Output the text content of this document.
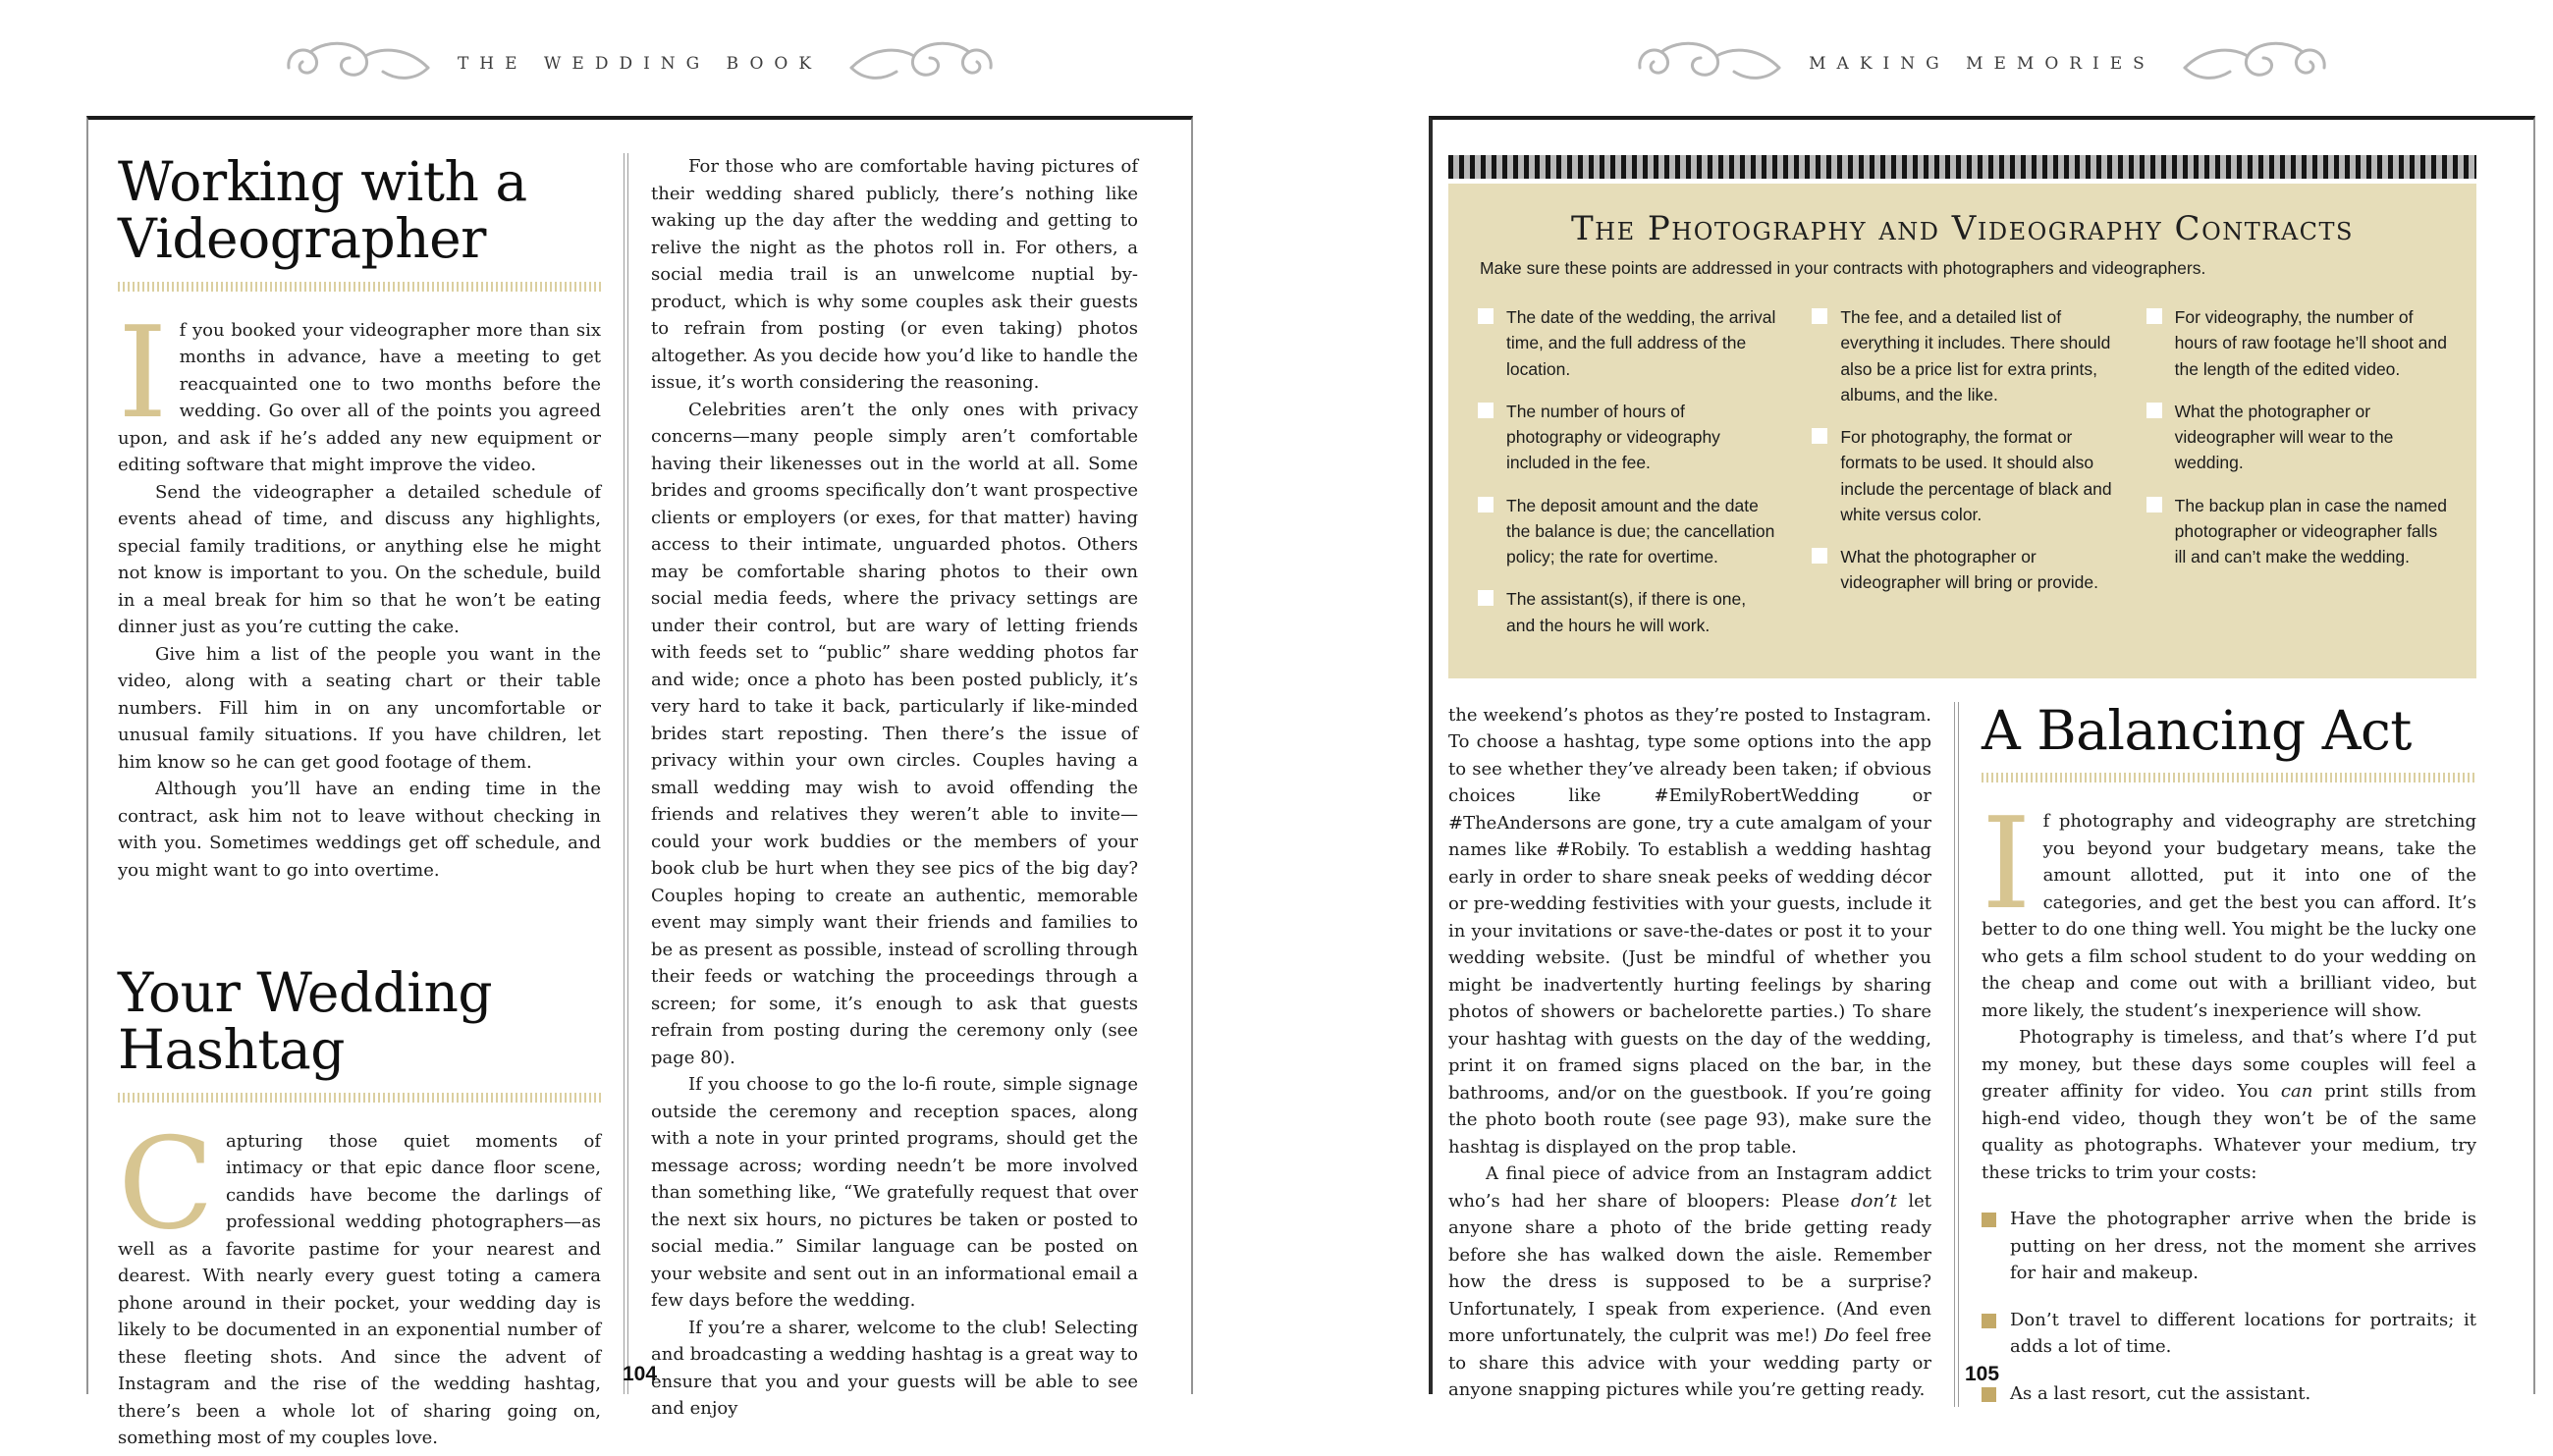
THE WEDDING BOOK
Working with a Videographer

If you booked your videographer more than six months in advance, have a meeting to get reacquainted one to two months before the wedding. Go over all of the points you agreed upon, and ask if he’s added any new equipment or editing software that might improve the video.

Send the videographer a detailed schedule of events ahead of time, and discuss any highlights, special family traditions, or anything else he might not know is important to you. On the schedule, build in a meal break for him so that he won’t be eating dinner just as you’re cutting the cake.

Give him a list of the people you want in the video, along with a seating chart or their table numbers. Fill him in on any uncomfortable or unusual family situations. If you have children, let him know so he can get good footage of them.

Although you’ll have an ending time in the contract, ask him not to leave without checking in with you. Sometimes weddings get off schedule, and you might want to go into overtime.

Your Wedding Hashtag

Capturing those quiet moments of intimacy or that epic dance floor scene, candids have become the darlings of professional wedding photographers—as well as a favorite pastime for your nearest and dearest. With nearly every guest toting a camera phone around in their pocket, your wedding day is likely to be documented in an exponential number of these fleeting shots. And since the advent of Instagram and the rise of the wedding hashtag, there’s been a whole lot of sharing going on, something most of my couples love.

For those who are comfortable having pictures of their wedding shared publicly, there’s nothing like waking up the day after the wedding and getting to relive the night as the photos roll in. For others, a social media trail is an unwelcome nuptial by-product, which is why some couples ask their guests to refrain from posting (or even taking) photos altogether. As you decide how you’d like to handle the issue, it’s worth considering the reasoning.

Celebrities aren’t the only ones with privacy concerns—many people simply aren’t comfortable having their likenesses out in the world at all. Some brides and grooms specifically don’t want prospective clients or employers (or exes, for that matter) having access to their intimate, unguarded photos. Others may be comfortable sharing photos to their own social media feeds, where the privacy settings are under their control, but are wary of letting friends with feeds set to “public” share wedding photos far and wide; once a photo has been posted publicly, it’s very hard to take it back, particularly if like-minded brides start reposting. Then there’s the issue of privacy within your own circles. Couples having a small wedding may wish to avoid offending the friends and relatives they weren’t able to invite—could your work buddies or the members of your book club be hurt when they see pics of the big day? Couples hoping to create an authentic, memorable event may simply want their friends and families to be as present as possible, instead of scrolling through their feeds or watching the proceedings through a screen; for some, it’s enough to ask that guests refrain from posting during the ceremony only (see page 80).

If you choose to go the lo-fi route, simple signage outside the ceremony and reception spaces, along with a note in your printed programs, should get the message across; wording needn’t be more involved than something like, “We gratefully request that over the next six hours, no pictures be taken or posted to social media.” Similar language can be posted on your website and sent out in an informational email a few days before the wedding.

If you’re a sharer, welcome to the club! Selecting and broadcasting a wedding hashtag is a great way to ensure that you and your guests will be able to see and enjoy

104
MAKING MEMORIES
The Photography and Videography Contracts
Make sure these points are addressed in your contracts with photographers and videographers.
The date of the wedding, the arrival time, and the full address of the location.
The number of hours of photography or videography included in the fee.
The deposit amount and the date the balance is due; the cancellation policy; the rate for overtime.
The assistant(s), if there is one, and the hours he will work.
The fee, and a detailed list of everything it includes. There should also be a price list for extra prints, albums, and the like.
For photography, the format or formats to be used. It should also include the percentage of black and white versus color.
What the photographer or videographer will bring or provide.
For videography, the number of hours of raw footage he’ll shoot and the length of the edited video.
What the photographer or videographer will wear to the wedding.
The backup plan in case the named photographer or videographer falls ill and can’t make the wedding.

the weekend’s photos as they’re posted to Instagram. To choose a hashtag, type some options into the app to see whether they’ve already been taken; if obvious choices like #EmilyRobertWedding or #TheAndersons are gone, try a cute amalgam of your names like #Robily. To establish a wedding hashtag early in order to share sneak peeks of wedding décor or pre-wedding festivities with your guests, include it in your invitations or save-the-dates or post it to your wedding website. (Just be mindful of whether you might be inadvertently hurting feelings by sharing photos of showers or bachelorette parties.) To share your hashtag with guests on the day of the wedding, print it on framed signs placed on the bar, in the bathrooms, and/or on the guestbook. If you’re going the photo booth route (see page 93), make sure the hashtag is displayed on the prop table.

A final piece of advice from an Instagram addict who’s had her share of bloopers: Please don’t let anyone share a photo of the bride getting ready before she has walked down the aisle. Remember how the dress is supposed to be a surprise? Unfortunately, I speak from experience. (And even more unfortunately, the culprit was me!) Do feel free to share this advice with your wedding party or anyone snapping pictures while you’re getting ready.

A Balancing Act

If photography and videography are stretching you beyond your budgetary means, take the amount allotted, put it into one of the categories, and get the best you can afford. It’s better to do one thing well. You might be the lucky one who gets a film school student to do your wedding on the cheap and come out with a brilliant video, but more likely, the student’s inexperience will show.

Photography is timeless, and that’s where I’d put my money, but these days some couples will feel a greater affinity for video. You can print stills from high-end video, though they won’t be of the same quality as photographs. Whatever your medium, try these tricks to trim your costs:

Have the photographer arrive when the bride is putting on her dress, not the moment she arrives for hair and makeup.
Don’t travel to different locations for portraits; it adds a lot of time.
As a last resort, cut the assistant.
105
